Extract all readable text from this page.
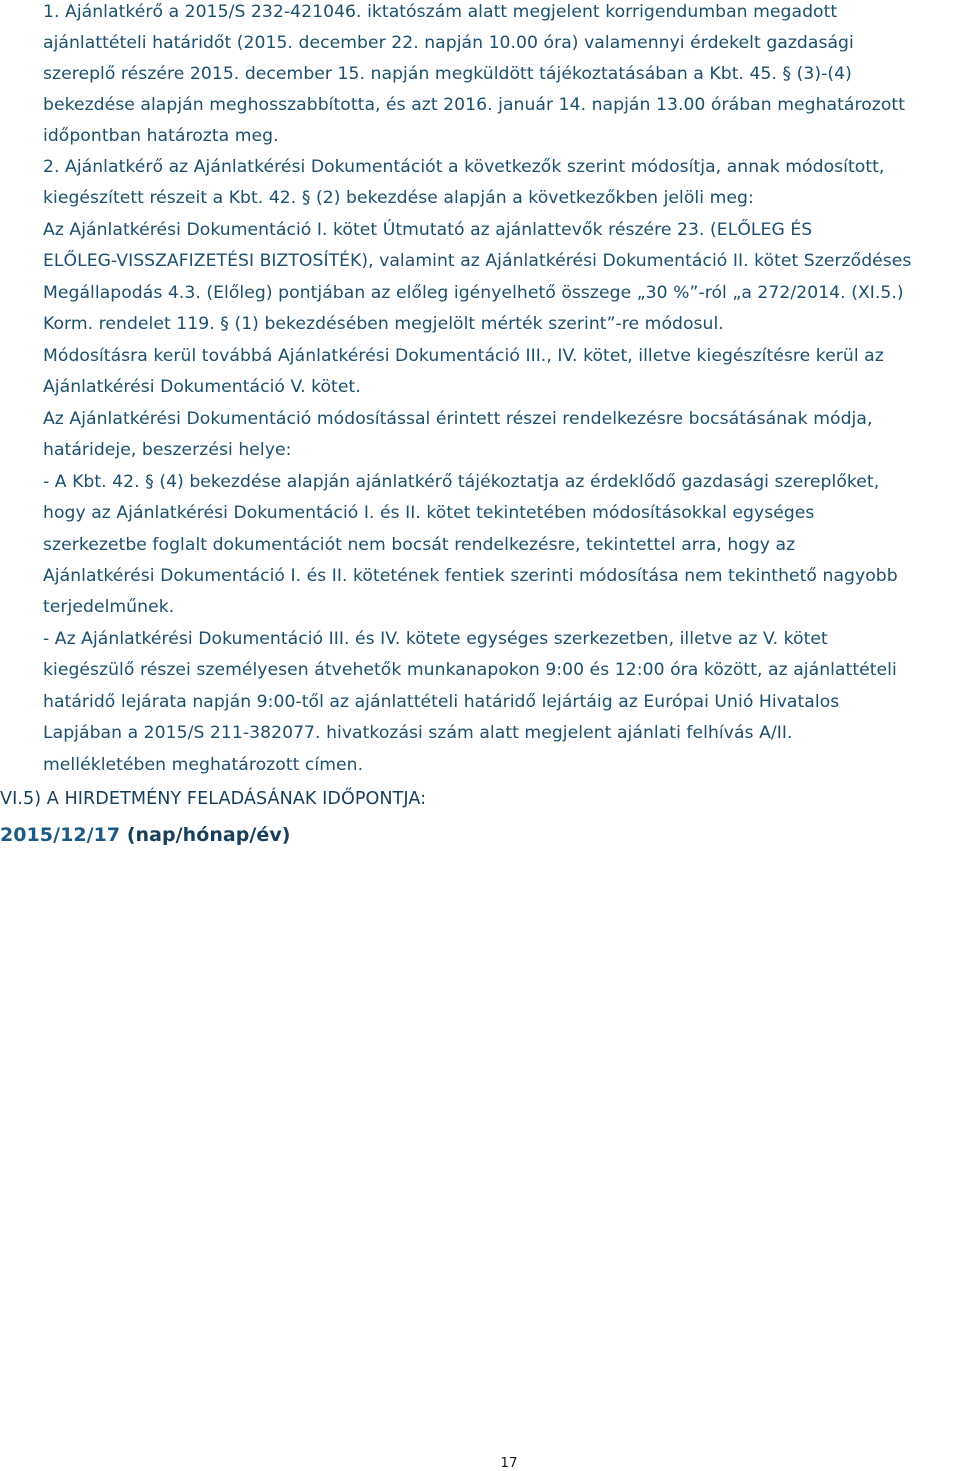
1. Ajánlatkérő a 2015/S 232-421046. iktatószám alatt megjelent korrigendumban megadott
ajánlattételi határidőt (2015. december 22. napján 10.00 óra) valamennyi érdekelt gazdasági
szereplő részére 2015. december 15. napján megküldött tájékoztatásában a Kbt. 45. § (3)-(4)
bekezdése alapján meghosszabbította, és azt 2016. január 14. napján 13.00 órában meghatározott
időpontban határozta meg.
2. Ajánlatkérő az Ajánlatkérési Dokumentációt a következők szerint módosítja, annak módosított,
kiegészített részeit a Kbt. 42. § (2) bekezdése alapján a következőkben jelöli meg:
Az Ajánlatkérési Dokumentáció I. kötet Útmutató az ajánlattevők részére 23. (ELŐLEG ÉS
ELŐLEG-VISSZAFIZETÉSI BIZTOSÍTÉK), valamint az Ajánlatkérési Dokumentáció II. kötet Szerződéses
Megállapodás 4.3. (Előleg) pontjában az előleg igényelhető összege „30 %”-ról „a 272/2014. (XI.5.)
Korm. rendelet 119. § (1) bekezdésében megjelölt mérték szerint”-re módosul.
Módosításra kerül továbbá Ajánlatkérési Dokumentáció III., IV. kötet, illetve kiegészítésre kerül az
Ajánlatkérési Dokumentáció V. kötet.
Az Ajánlatkérési Dokumentáció módosítással érintett részei rendelkezésre bocsátásának módja,
határideje, beszerzési helye:
- A Kbt. 42. § (4) bekezdése alapján ajánlatkérő tájékoztatja az érdeklődő gazdasági szereplőket,
hogy az Ajánlatkérési Dokumentáció I. és II. kötet tekintetében módosításokkal egységes
szerkezetbe foglalt dokumentációt nem bocsát rendelkezésre, tekintettel arra, hogy az
Ajánlatkérési Dokumentáció I. és II. kötetének fentiek szerinti módosítása nem tekinthető nagyobb
terjedelműnek.
- Az Ajánlatkérési Dokumentáció III. és IV. kötete egységes szerkezetben, illetve az V. kötet
kiegészülő részei személyesen átvehetők munkanapokon 9:00 és 12:00 óra között, az ajánlattételi
határidő lejárata napján 9:00-től az ajánlattételi határidő lejártáig az Európai Unió Hivatalos
Lapjában a 2015/S 211-382077. hivatkozási szám alatt megjelent ajánlati felhívás A/II.
mellékletében meghatározott címen.
VI.5) A HIRDETMÉNY FELADÁSÁNAK IDŐPONTJA:
2015/12/17 (nap/hónap/év)
17
